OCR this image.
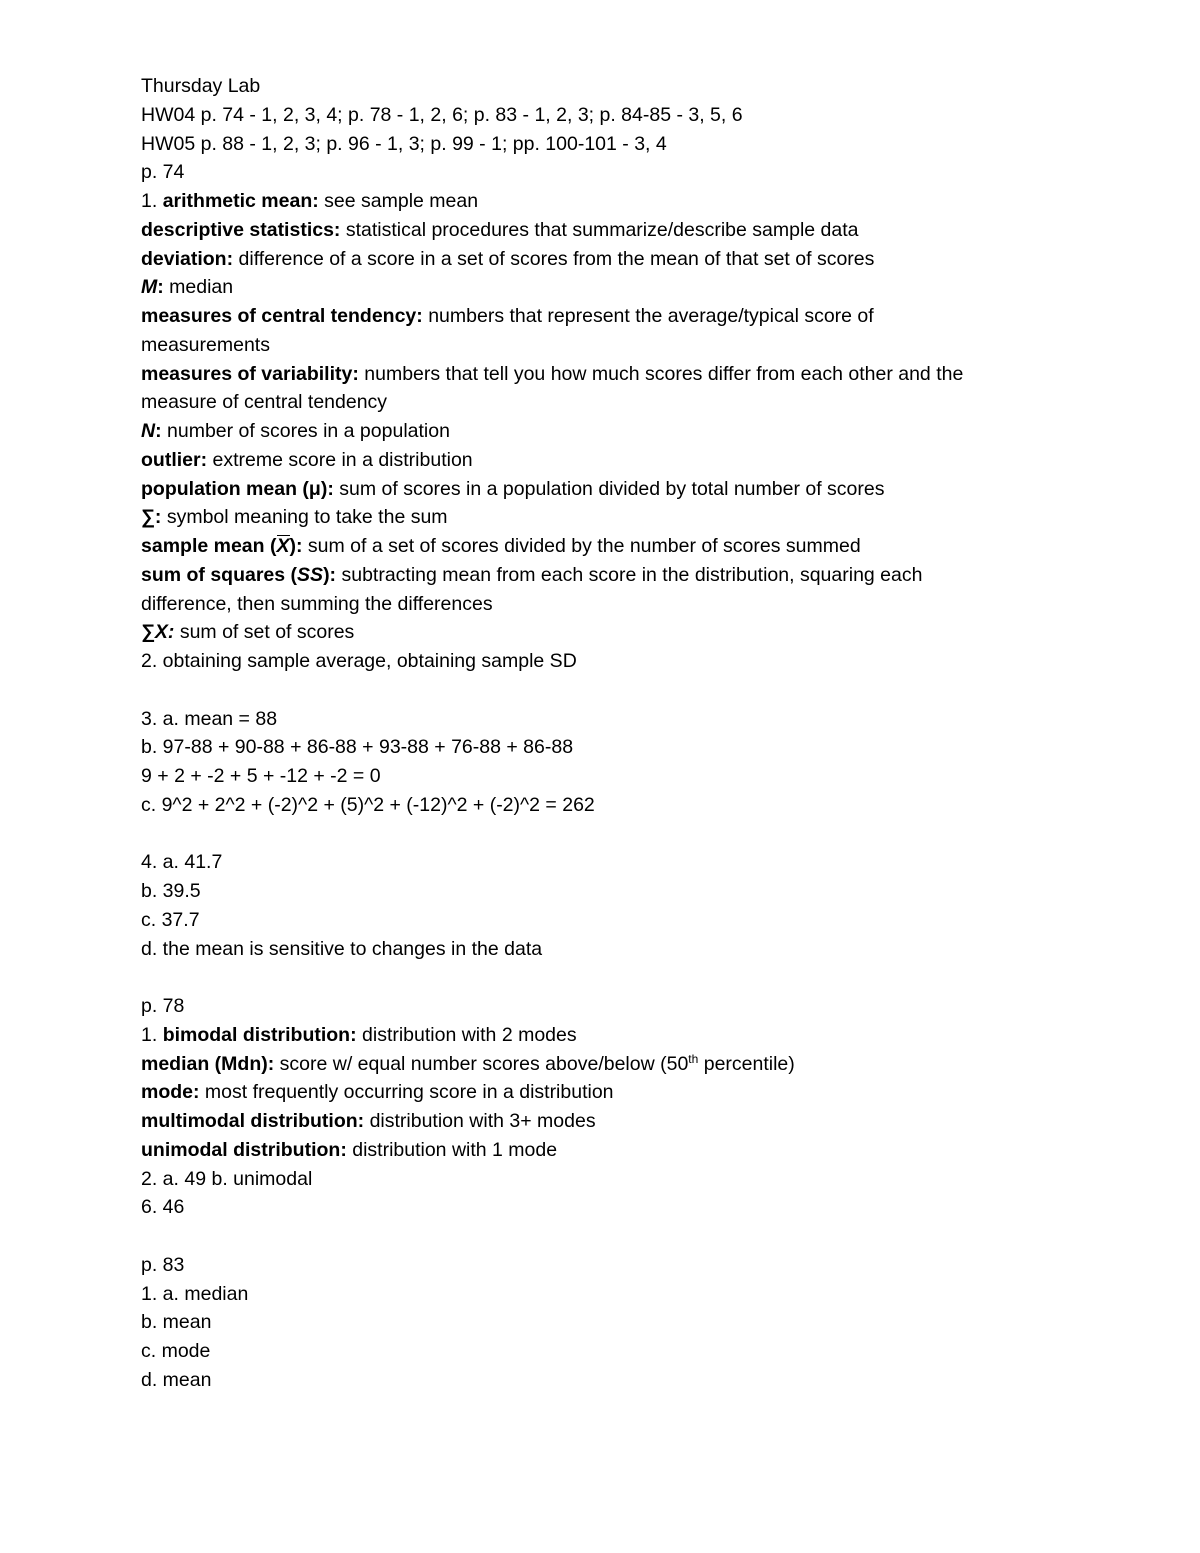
Thursday Lab
HW04 p. 74 - 1, 2, 3, 4; p. 78 - 1, 2, 6; p. 83 - 1, 2, 3; p. 84-85 - 3, 5, 6
HW05 p. 88 - 1, 2, 3; p. 96 - 1, 3; p. 99 - 1; pp. 100-101 - 3, 4
p. 74
1. arithmetic mean: see sample mean
descriptive statistics: statistical procedures that summarize/describe sample data
deviation: difference of a score in a set of scores from the mean of that set of scores
M: median
measures of central tendency: numbers that represent the average/typical score of
measurements
measures of variability: numbers that tell you how much scores differ from each other and the
measure of central tendency
N: number of scores in a population
outlier: extreme score in a distribution
population mean (μ): sum of scores in a population divided by total number of scores
∑: symbol meaning to take the sum
sample mean (X): sum of a set of scores divided by the number of scores summed
sum of squares (SS): subtracting mean from each score in the distribution, squaring each
difference, then summing the differences
∑X: sum of set of scores
2. obtaining sample average, obtaining sample SD
3. a. mean = 88
b. 97-88 + 90-88 + 86-88 + 93-88 + 76-88 + 86-88
9 + 2 + -2 + 5 + -12 + -2 = 0
c. 9^2 + 2^2 + (-2)^2 + (5)^2 + (-12)^2 + (-2)^2 = 262
4. a. 41.7
b. 39.5
c. 37.7
d. the mean is sensitive to changes in the data
p. 78
1. bimodal distribution: distribution with 2 modes
median (Mdn): score w/ equal number scores above/below (50th percentile)
mode: most frequently occurring score in a distribution
multimodal distribution: distribution with 3+ modes
unimodal distribution: distribution with 1 mode
2. a. 49 b. unimodal
6. 46
p. 83
1. a. median
b. mean
c. mode
d. mean
